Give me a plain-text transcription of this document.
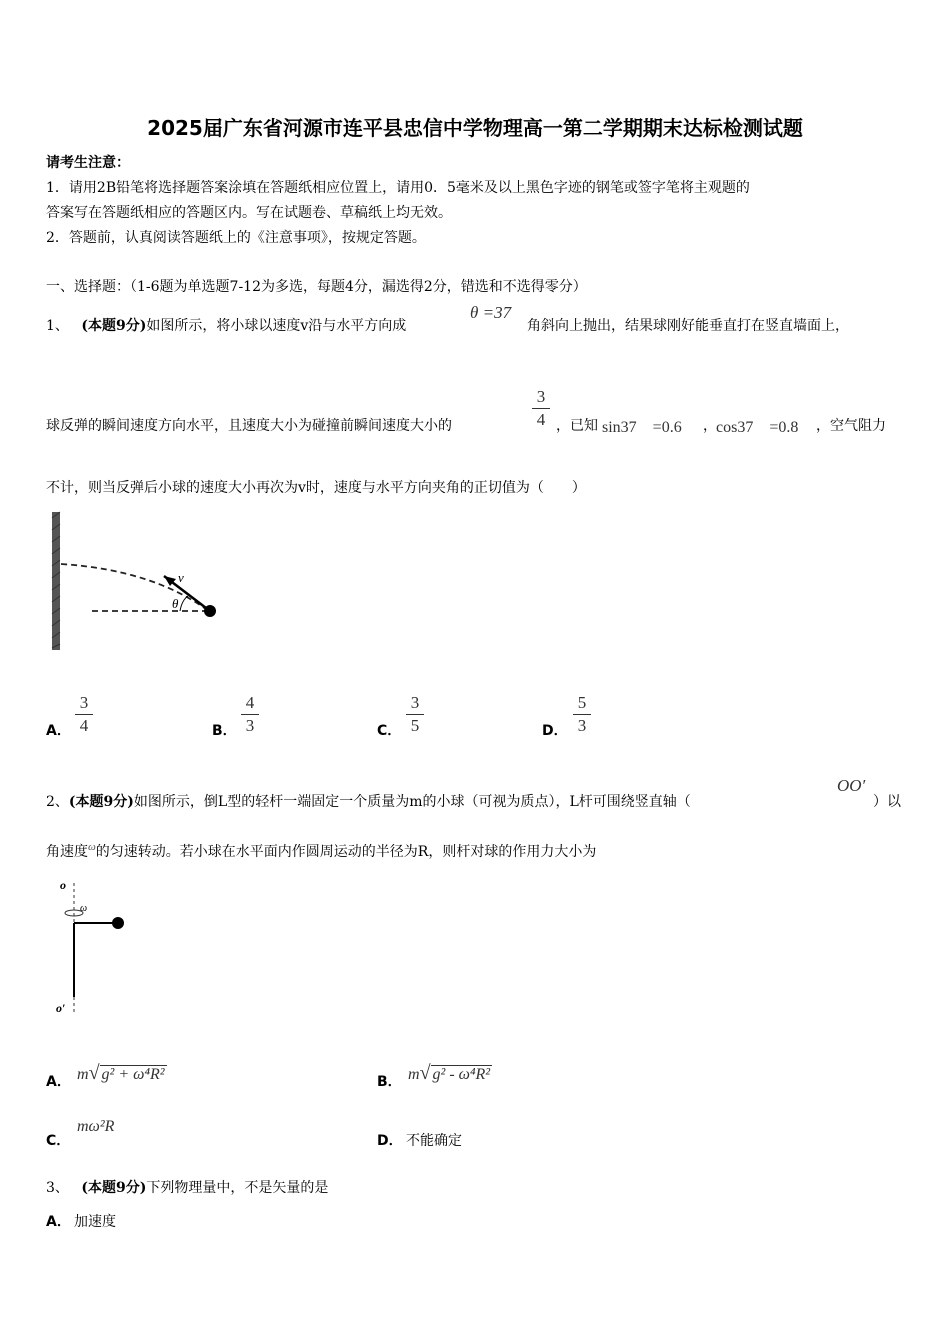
2025届广东省河源市连平县忠信中学物理高一第二学期期末达标检测试题
请考生注意：
1．请用2B铅笔将选择题答案涂填在答题纸相应位置上，请用0．5毫米及以上黑色字迹的钢笔或签字笔将主观题的
答案写在答题纸相应的答题区内。写在试题卷、草稿纸上均无效。
2．答题前，认真阅读答题纸上的《注意事项》，按规定答题。
一、选择题：（1-6题为单选题7-12为多选，每题4分，漏选得2分，错选和不选得零分）
1、 (本题9分)如图所示，将小球以速度v沿与水平方向成
θ =37
角斜向上抛出，结果球刚好能垂直打在竖直墙面上，
球反弹的瞬间速度方向水平，且速度大小为碰撞前瞬间速度大小的
3
4 ，已知 sin37　=0.6 ， cos37　=0.8 ，空气阻力
不计，则当反弹后小球的速度大小再次为v时，速度与水平方向夹角的正切值为（　　）
v
θ
A．
3
4	B．
4
3	C．
3
5	D．
5
3
2、(本题9分)如图所示，倒L型的轻杆一端固定一个质量为m的小球（可视为质点），L杆可围绕竖直轴（
OO′
）以
角速度$^\omega$的匀速转动。若小球在水平面内作圆周运动的半径为R，则杆对球的作用力大小为
o
ω
o′
A． m√ g² + ω⁴R²	B． m√ g² - ω⁴R²
C．
mω²R
D． 不能确定
3、 (本题9分)下列物理量中，不是矢量的是
A． 加速度
